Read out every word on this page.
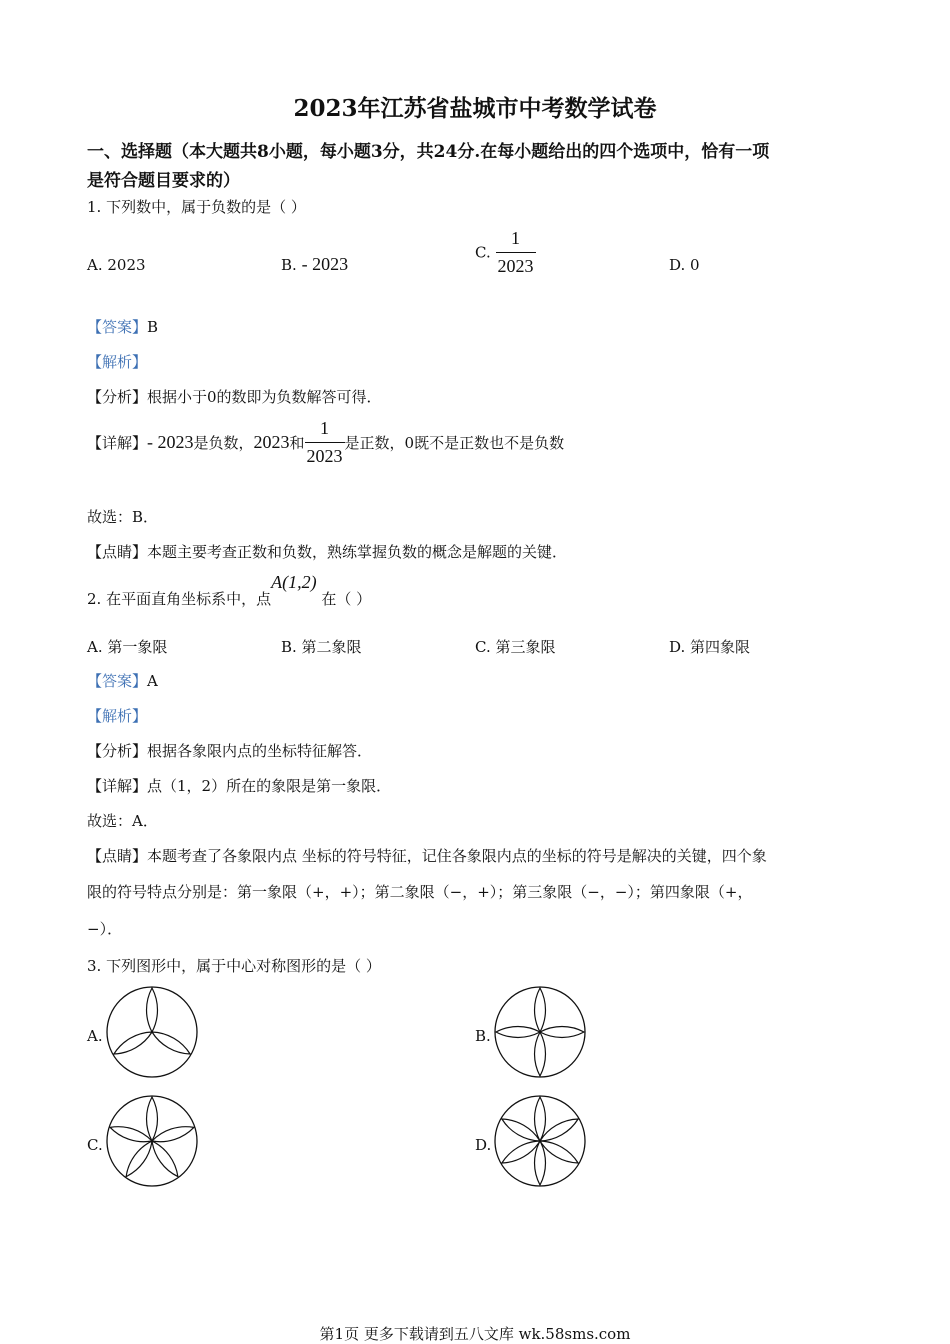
2023年江苏省盐城市中考数学试卷
一、选择题（本大题共8小题，每小题3分，共24分.在每小题给出的四个选项中，恰有一项
是符合题目要求的）
1. 下列数中，属于负数的是（ ）
A. 2023	B. - 2023
C. $\frac{1}{2023}$	D. 0
【答案】B
【解析】
【分析】根据小于0的数即为负数解答可得．
【详解】- 2023是负数，2023和 $\frac{1}{2023}$ 是正数，0既不是正数也不是负数
故选：B．
【点睛】本题主要考查正数和负数，熟练掌握负数的概念是解题的关键．
2. 在平面直角坐标系中，点A(1,2) 在（ ）
A. 第一象限	B. 第二象限	C. 第三象限	D. 第四象限
【答案】A
【解析】
【分析】根据各象限内点的坐标特征解答．
【详解】点（1，2）所在的象限是第一象限．
故选：A．
【点睛】本题考查了各象限内点 坐标的符号特征，记住各象限内点的坐标的符号是解决的关键，四个象
限的符号特点分别是：第一象限（+，+）；第二象限（−，+）；第三象限（−，−）；第四象限（+，
−）．
3. 下列图形中，属于中心对称图形的是（ ）
A.	B.
C.	D.
第1页 更多下载请到五八文库 wk.58sms.com
